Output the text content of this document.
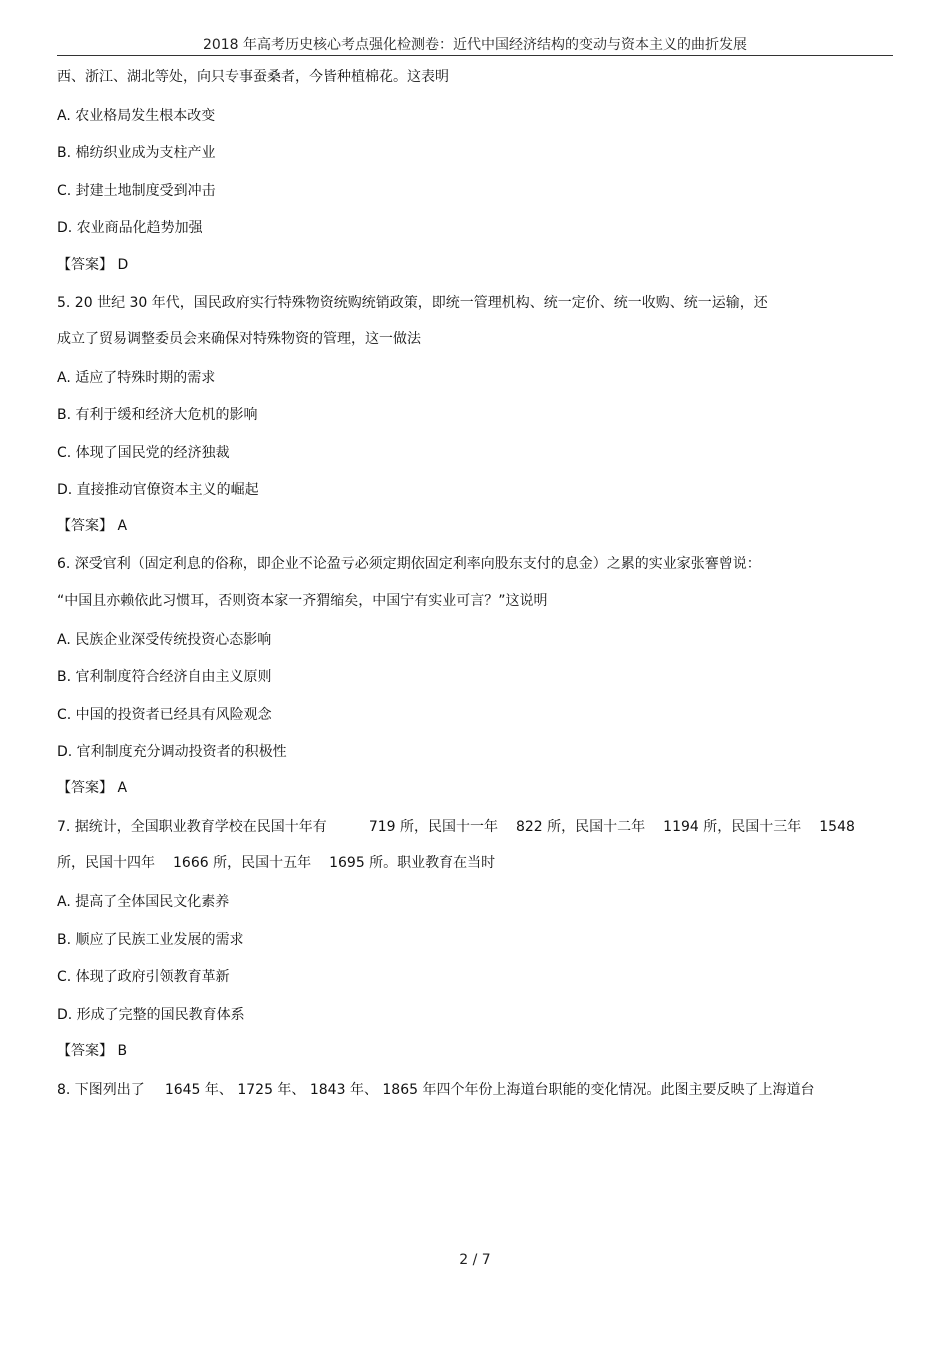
2018 年高考历史核心考点强化检测卷：近代中国经济结构的变动与资本主义的曲折发展
西、浙江、湖北等处，向只专事蚕桑者，今皆种植棉花。这表明
A. 农业格局发生根本改变
B. 棉纺织业成为支柱产业
C. 封建土地制度受到冲击
D. 农业商品化趋势加强
【答案】 D
5. 20 世纪 30 年代，国民政府实行特殊物资统购统销政策，即统一管理机构、统一定价、统一收购、统一运输，还
成立了贸易调整委员会来确保对特殊物资的管理，这一做法
A. 适应了特殊时期的需求
B. 有利于缓和经济大危机的影响
C. 体现了国民党的经济独裁
D. 直接推动官僚资本主义的崛起
【答案】 A
6. 深受官利（固定利息的俗称，即企业不论盈亏必须定期依固定利率向股东支付的息金）之累的实业家张謇曾说：
“中国且亦赖依此习惯耳，否则资本家一齐猬缩矣，中国宁有实业可言？”这说明
A. 民族企业深受传统投资心态影响
B. 官利制度符合经济自由主义原则
C. 中国的投资者已经具有风险观念
D. 官利制度充分调动投资者的积极性
【答案】 A
7. 据统计，全国职业教育学校在民国十年有	719 所，民国十一年 822 所，民国十二年 1194 所，民国十三年 1548
所，民国十四年 1666 所，民国十五年 1695 所。职业教育在当时
A. 提高了全体国民文化素养
B. 顺应了民族工业发展的需求
C. 体现了政府引领教育革新
D. 形成了完整的国民教育体系
【答案】 B
8. 下图列出了 1645 年、 1725 年、 1843 年、 1865 年四个年份上海道台职能的变化情况。此图主要反映了上海道台
2 / 7
